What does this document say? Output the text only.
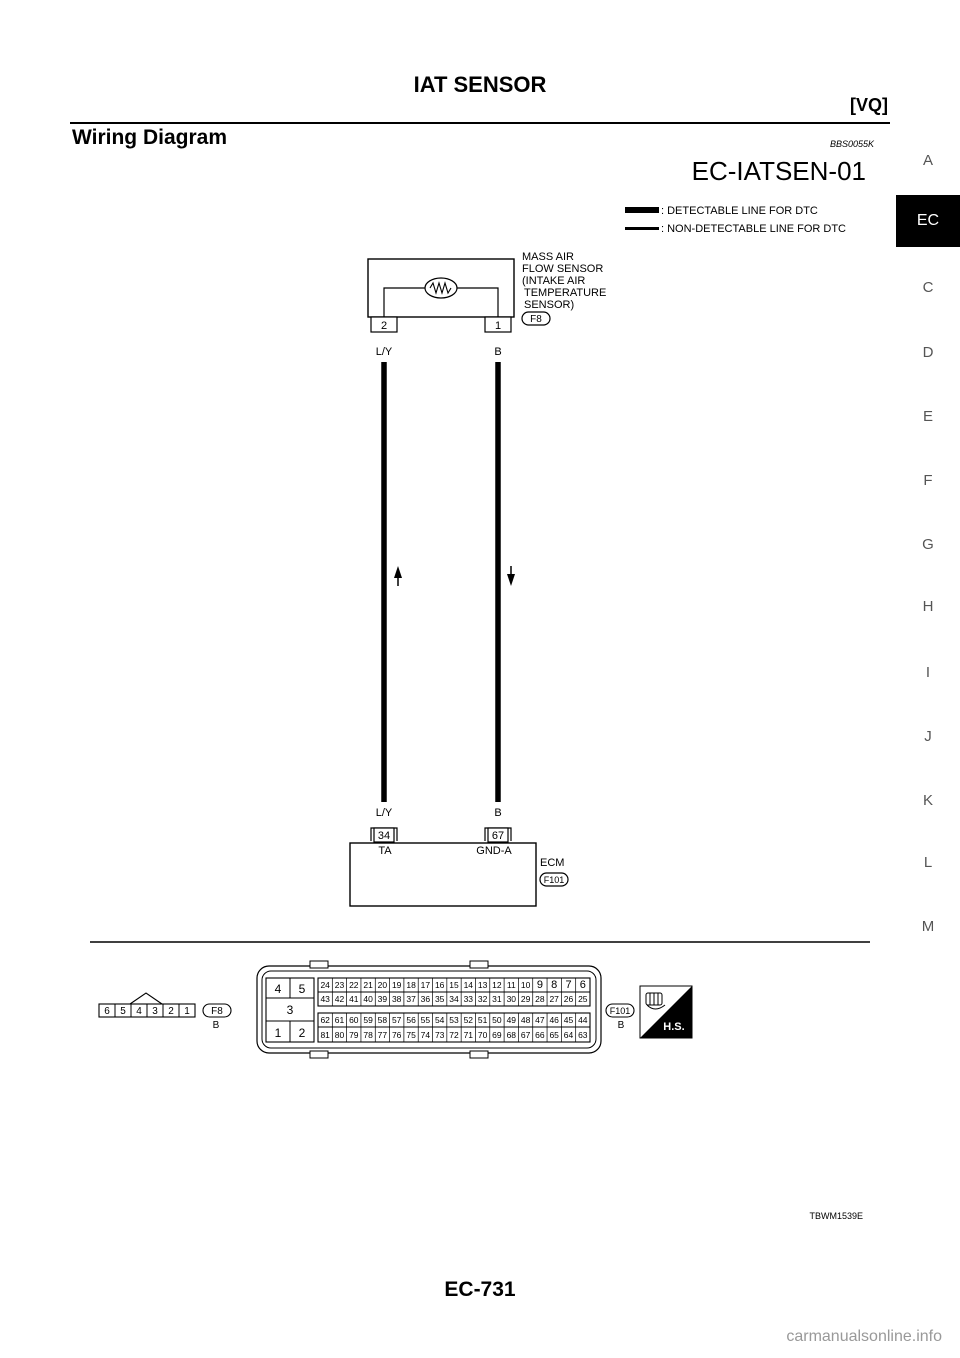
IAT SENSOR
[VQ]
Wiring Diagram	BBS0055K
EC-IATSEN-01	A
EC
C
D
E
F
G
H
I
J
K
L
M
: DETECTABLE LINE FOR DTC
: NON-DETECTABLE LINE FOR DTC
2	1
MASS AIR FLOW SENSOR (INTAKE AIR TEMPERATURE SENSOR)
F8
L/Y	B
L/Y	B
34	67
TA	GND-A
ECM
F101
6 5 4 3 2 1 F8
B
4 5
3
1 2
24 23 22 21 20 19 18 17 16 15 14 13 12 11 10 9 8 7 6
43 42 41 40 39 38 37 36 35 34 33 32 31 30 29 28 27 26 25
62 61 60 59 58 57 56 55 54 53 52 51 50 49 48 47 46 45 44
81 80 79 78 77 76 75 74 73 72 71 70 69 68 67 66 65 64 63
F101
B	H.S.
TBWM1539E
EC-731
carmanualsonline.info
